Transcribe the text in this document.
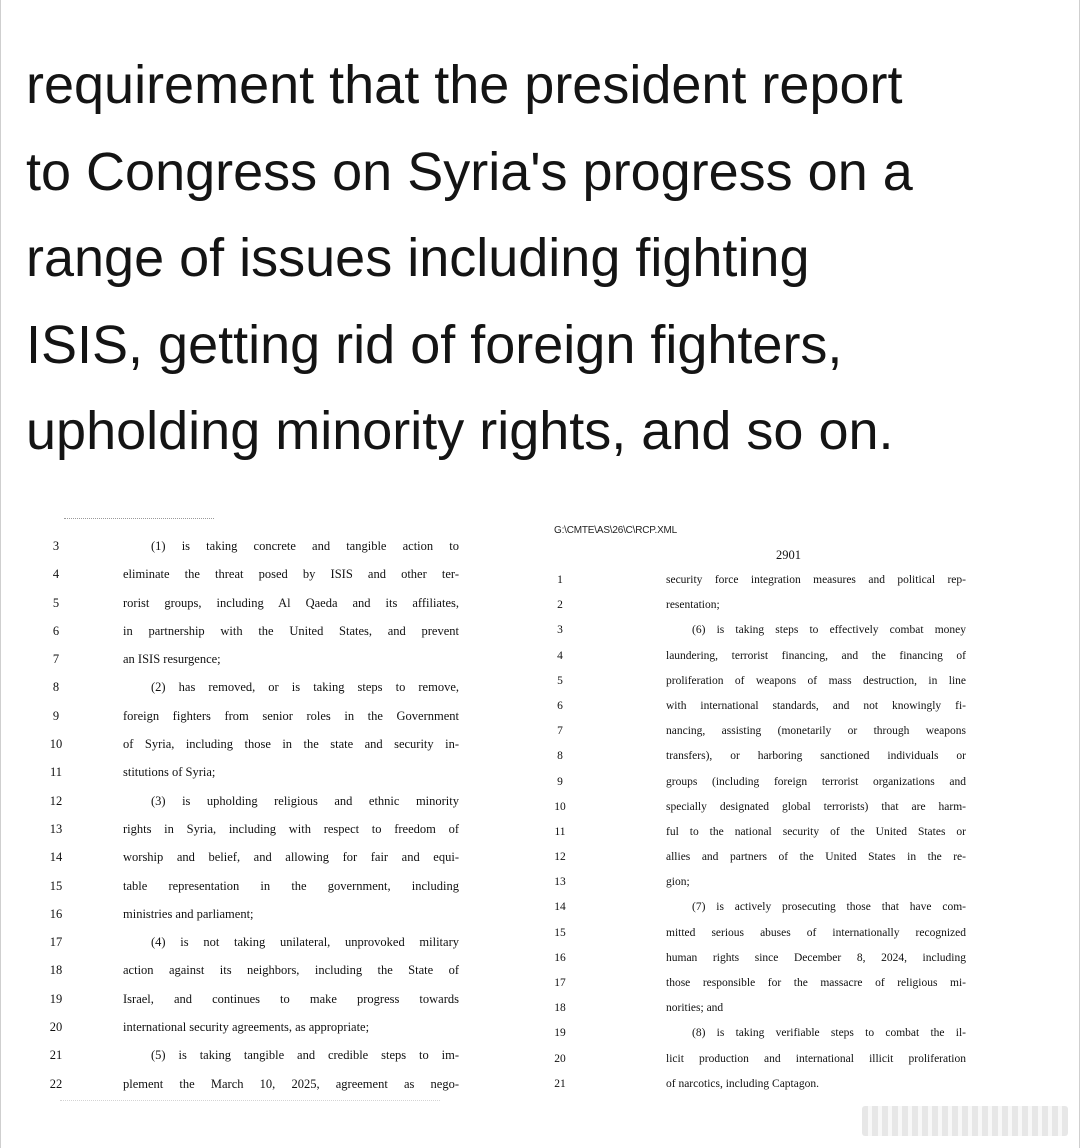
requirement that the president report
to Congress on Syria's progress on a
range of issues including fighting
ISIS, getting rid of foreign fighters,
upholding minority rights, and so on.
3	(1) is taking concrete and tangible action to
4	eliminate the threat posed by ISIS and other ter-
5	rorist groups, including Al Qaeda and its affiliates,
6	in partnership with the United States, and prevent
7	an ISIS resurgence;
8	(2) has removed, or is taking steps to remove,
9	foreign fighters from senior roles in the Government
10	of Syria, including those in the state and security in-
11	stitutions of Syria;
12	(3) is upholding religious and ethnic minority
13	rights in Syria, including with respect to freedom of
14	worship and belief, and allowing for fair and equi-
15	table representation in the government, including
16	ministries and parliament;
17	(4) is not taking unilateral, unprovoked military
18	action against its neighbors, including the State of
19	Israel, and continues to make progress towards
20	international security agreements, as appropriate;
21	(5) is taking tangible and credible steps to im-
22	plement the March 10, 2025, agreement as nego-

G:\CMTE\AS\26\C\RCP.XML

2901

1	security force integration measures and political rep-
2	resentation;
3	(6) is taking steps to effectively combat money
4	laundering, terrorist financing, and the financing of
5	proliferation of weapons of mass destruction, in line
6	with international standards, and not knowingly fi-
7	nancing, assisting (monetarily or through weapons
8	transfers), or harboring sanctioned individuals or
9	groups (including foreign terrorist organizations and
10	specially designated global terrorists) that are harm-
11	ful to the national security of the United States or
12	allies and partners of the United States in the re-
13	gion;
14	(7) is actively prosecuting those that have com-
15	mitted serious abuses of internationally recognized
16	human rights since December 8, 2024, including
17	those responsible for the massacre of religious mi-
18	norities; and
19	(8) is taking verifiable steps to combat the il-
20	licit production and international illicit proliferation
21	of narcotics, including Captagon.
